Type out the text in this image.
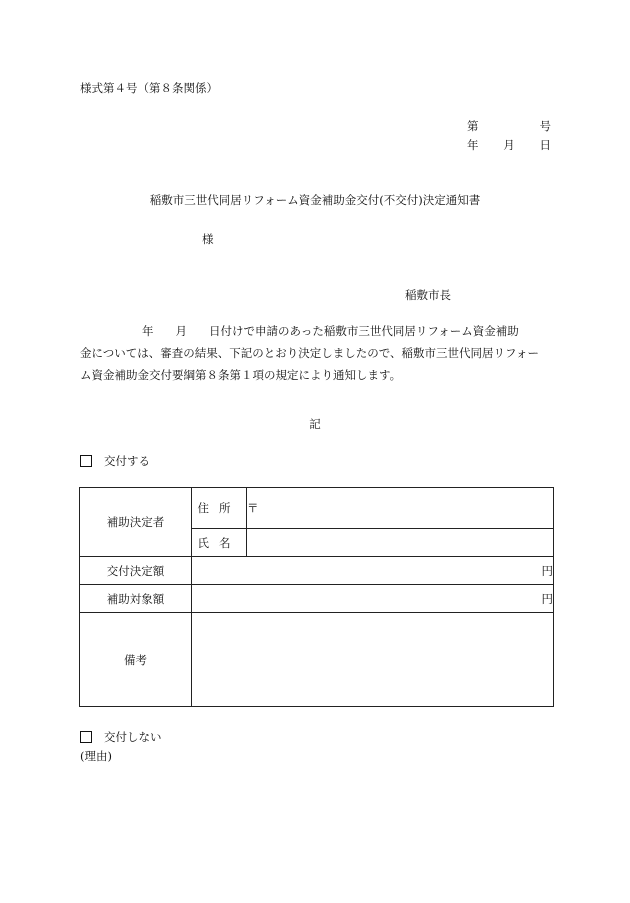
様式第４号（第８条関係）
第	号
年 月 日
稲敷市三世代同居リフォーム資金補助金交付(不交付)決定通知書
様
稲敷市長

年 月 日付けで申請のあった稲敷市三世代同居リフォーム資金補助

金については、審査の結果、下記のとおり決定しましたので、稲敷市三世代同居リフォー

ム資金補助金交付要綱第８条第１項の規定により通知します。

記
交付する
補助決定者	住所	〒
	氏名	
交付決定額	円	
補助対象額	円	
備考		
交付しない
(理由)
